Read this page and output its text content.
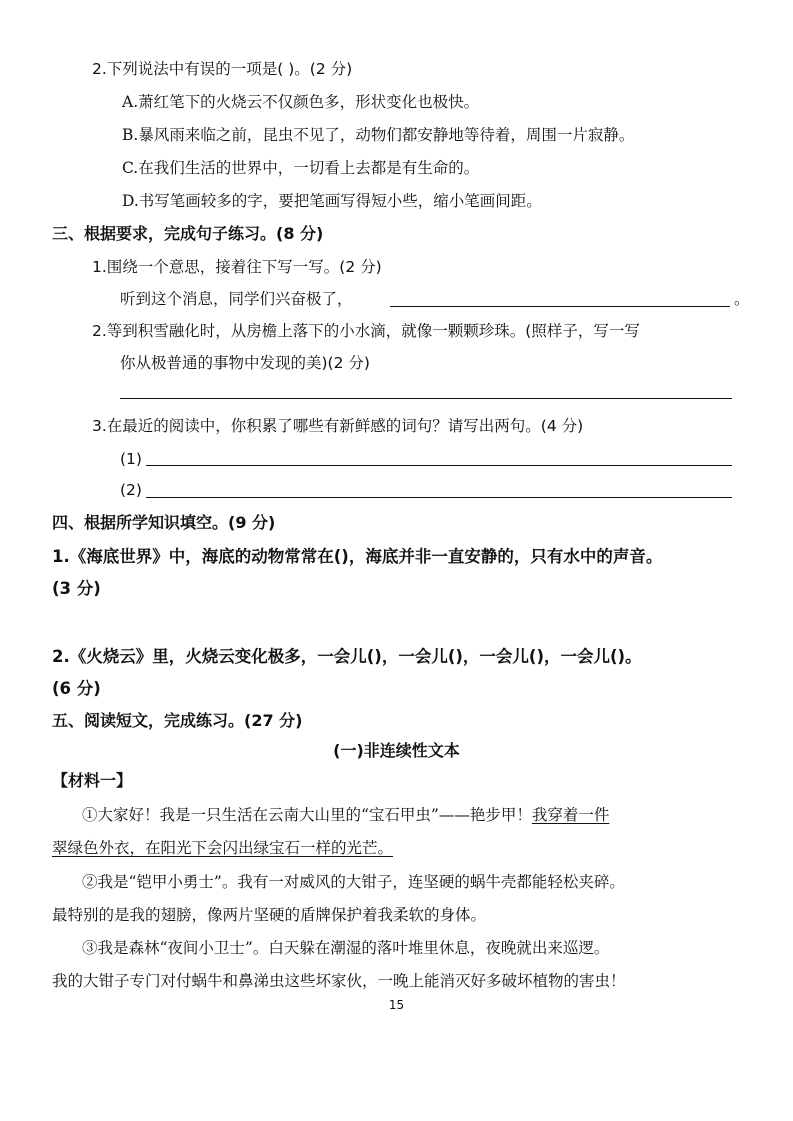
2.下列说法中有误的一项是( )。(2 分)
A.萧红笔下的火烧云不仅颜色多，形状变化也极快。
B.暴风雨来临之前，昆虫不见了，动物们都安静地等待着，周围一片寂静。
C.在我们生活的世界中，一切看上去都是有生命的。
D.书写笔画较多的字，要把笔画写得短小些，缩小笔画间距。
三、根据要求，完成句子练习。(8 分)
1.围绕一个意思，接着往下写一写。(2 分)
听到这个消息，同学们兴奋极了，	。
2.等到积雪融化时，从房檐上落下的小水滴，就像一颗颗珍珠。(照样子，写一写
你从极普通的事物中发现的美)(2 分)
3.在最近的阅读中，你积累了哪些有新鲜感的词句？请写出两句。(4 分)
(1)
(2)
四、根据所学知识填空。(9 分)
1.《海底世界》中，海底的动物常常在()，海底并非一直安静的，只有水中的声音。
(3 分)
2.《火烧云》里，火烧云变化极多，一会儿()，一会儿()，一会儿()，一会儿()。
(6 分)
五、阅读短文，完成练习。(27 分)
(一)非连续性文本
【材料一】
①大家好！我是一只生活在云南大山里的“宝石甲虫”——艳步甲！我穿着一件
翠绿色外衣，在阳光下会闪出绿宝石一样的光芒。
②我是“铠甲小勇士”。我有一对威风的大钳子，连坚硬的蜗牛壳都能轻松夹碎。
最特别的是我的翅膀，像两片坚硬的盾牌保护着我柔软的身体。
③我是森林“夜间小卫士”。白天躲在潮湿的落叶堆里休息，夜晚就出来巡逻。
我的大钳子专门对付蜗牛和鼻涕虫这些坏家伙，一晚上能消灭好多破坏植物的害虫！
15
